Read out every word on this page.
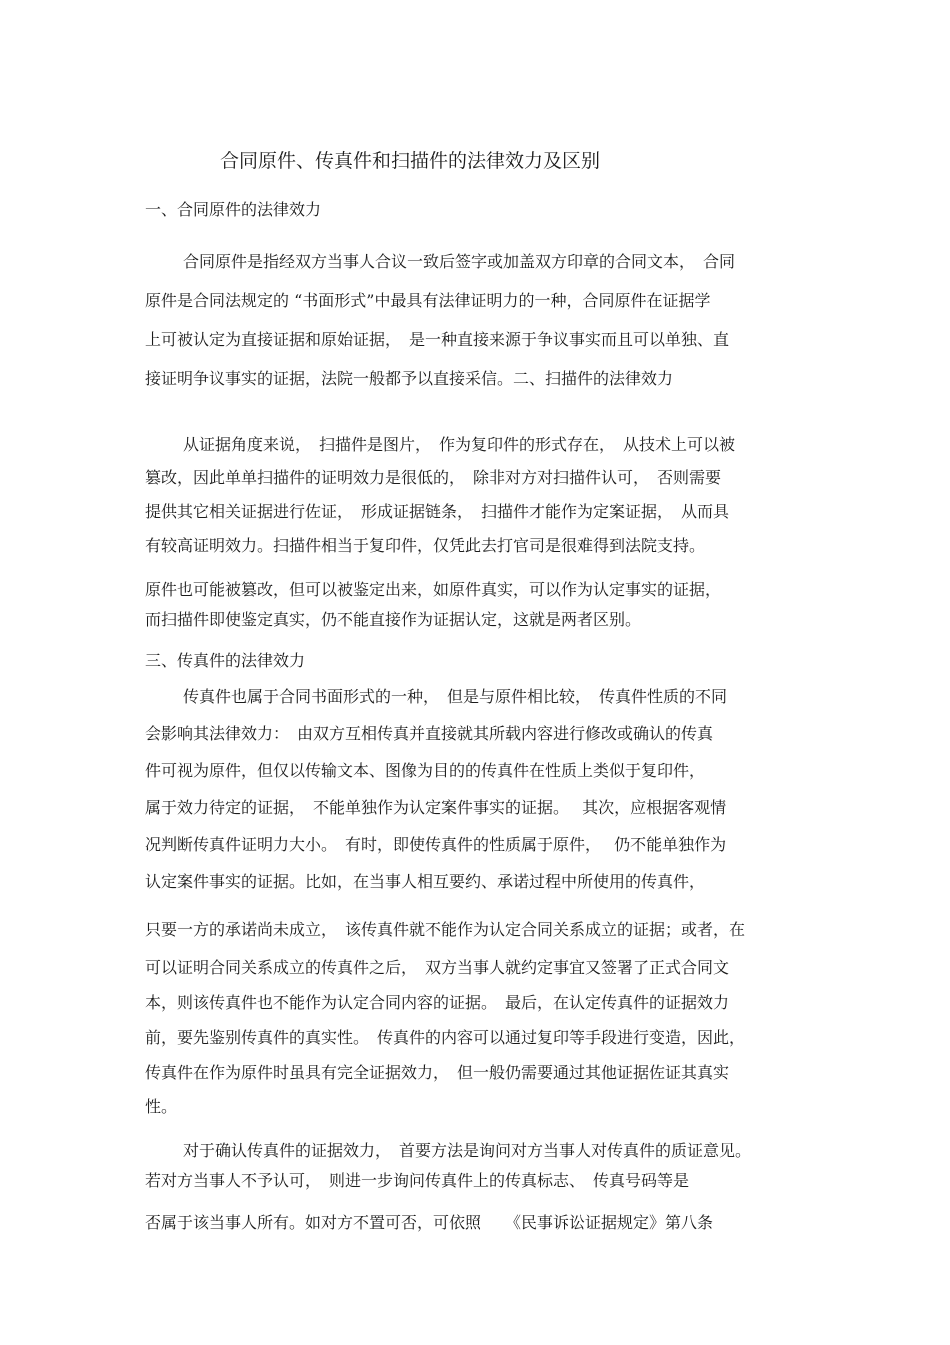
合同原件、传真件和扫描件的法律效力及区别
一、合同原件的法律效力
合同原件是指经双方当事人合议一致后签字或加盖双方印章的合同文本，　合同
原件是合同法规定的 “书面形式”中最具有法律证明力的一种，合同原件在证据学
上可被认定为直接证据和原始证据，　是一种直接来源于争议事实而且可以单独、直
接证明争议事实的证据，法院一般都予以直接采信。二、扫描件的法律效力
从证据角度来说，　扫描件是图片，　作为复印件的形式存在，　从技术上可以被
篡改，因此单单扫描件的证明效力是很低的，　除非对方对扫描件认可，　否则需要
提供其它相关证据进行佐证，　形成证据链条，　扫描件才能作为定案证据，　从而具
有较高证明效力。扫描件相当于复印件，仅凭此去打官司是很难得到法院支持。
原件也可能被篡改，但可以被鉴定出来，如原件真实，可以作为认定事实的证据，
而扫描件即使鉴定真实，仍不能直接作为证据认定，这就是两者区别。
三、传真件的法律效力
传真件也属于合同书面形式的一种，　但是与原件相比较，　传真件性质的不同
会影响其法律效力：　由双方互相传真并直接就其所载内容进行修改或确认的传真
件可视为原件，但仅以传输文本、图像为目的的传真件在性质上类似于复印件，
属于效力待定的证据，　不能单独作为认定案件事实的证据。　 其次，应根据客观情
况判断传真件证明力大小。　有时，即使传真件的性质属于原件，　 仍不能单独作为
认定案件事实的证据。比如，在当事人相互要约、承诺过程中所使用的传真件，
只要一方的承诺尚未成立，　该传真件就不能作为认定合同关系成立的证据；或者，在
可以证明合同关系成立的传真件之后，　双方当事人就约定事宜又签署了正式合同文
本，则该传真件也不能作为认定合同内容的证据。　最后，在认定传真件的证据效力
前，要先鉴别传真件的真实性。　传真件的内容可以通过复印等手段进行变造，因此，
传真件在作为原件时虽具有完全证据效力，　但一般仍需要通过其他证据佐证其真实
性。
对于确认传真件的证据效力，　首要方法是询问对方当事人对传真件的质证意见。
若对方当事人不予认可，　则进一步询问传真件上的传真标志、　传真号码等是
否属于该当事人所有。如对方不置可否，可依照　　《民事诉讼证据规定》第八条
